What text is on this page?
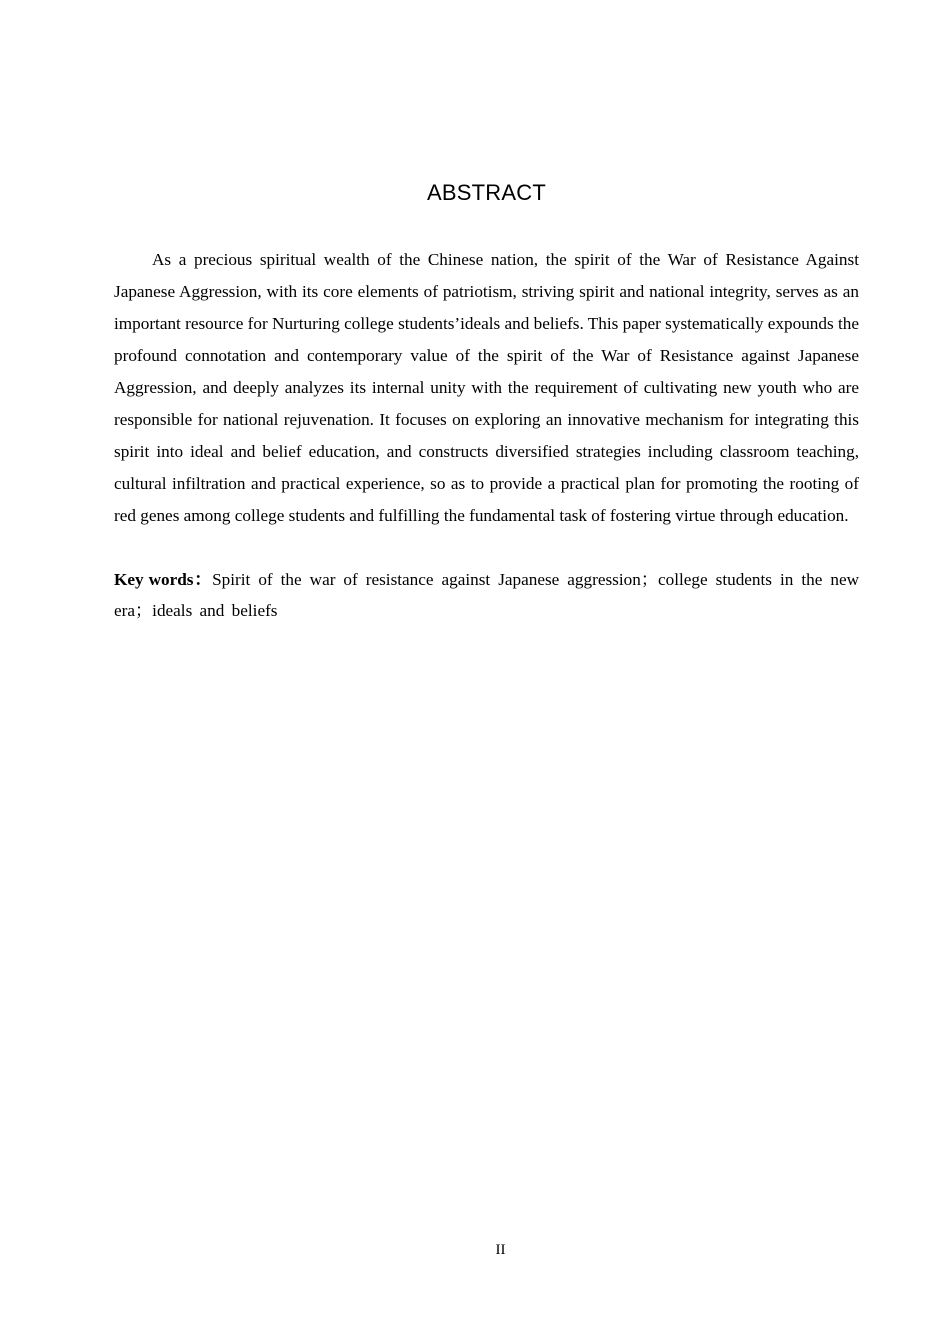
ABSTRACT

As a precious spiritual wealth of the Chinese nation, the spirit of the War of Resistance Against Japanese Aggression, with its core elements of patriotism, striving spirit and national integrity, serves as an important resource for Nurturing college students’ideals and beliefs. This paper systematically expounds the profound connotation and contemporary value of the spirit of the War of Resistance against Japanese Aggression, and deeply analyzes its internal unity with the requirement of cultivating new youth who are responsible for national rejuvenation. It focuses on exploring an innovative mechanism for integrating this spirit into ideal and belief education, and constructs diversified strategies including classroom teaching, cultural infiltration and practical experience, so as to provide a practical plan for promoting the rooting of red genes among college students and fulfilling the fundamental task of fostering virtue through education.

Key words：Spirit of the war of resistance against Japanese aggression；college students in the new era；ideals and beliefs

II
